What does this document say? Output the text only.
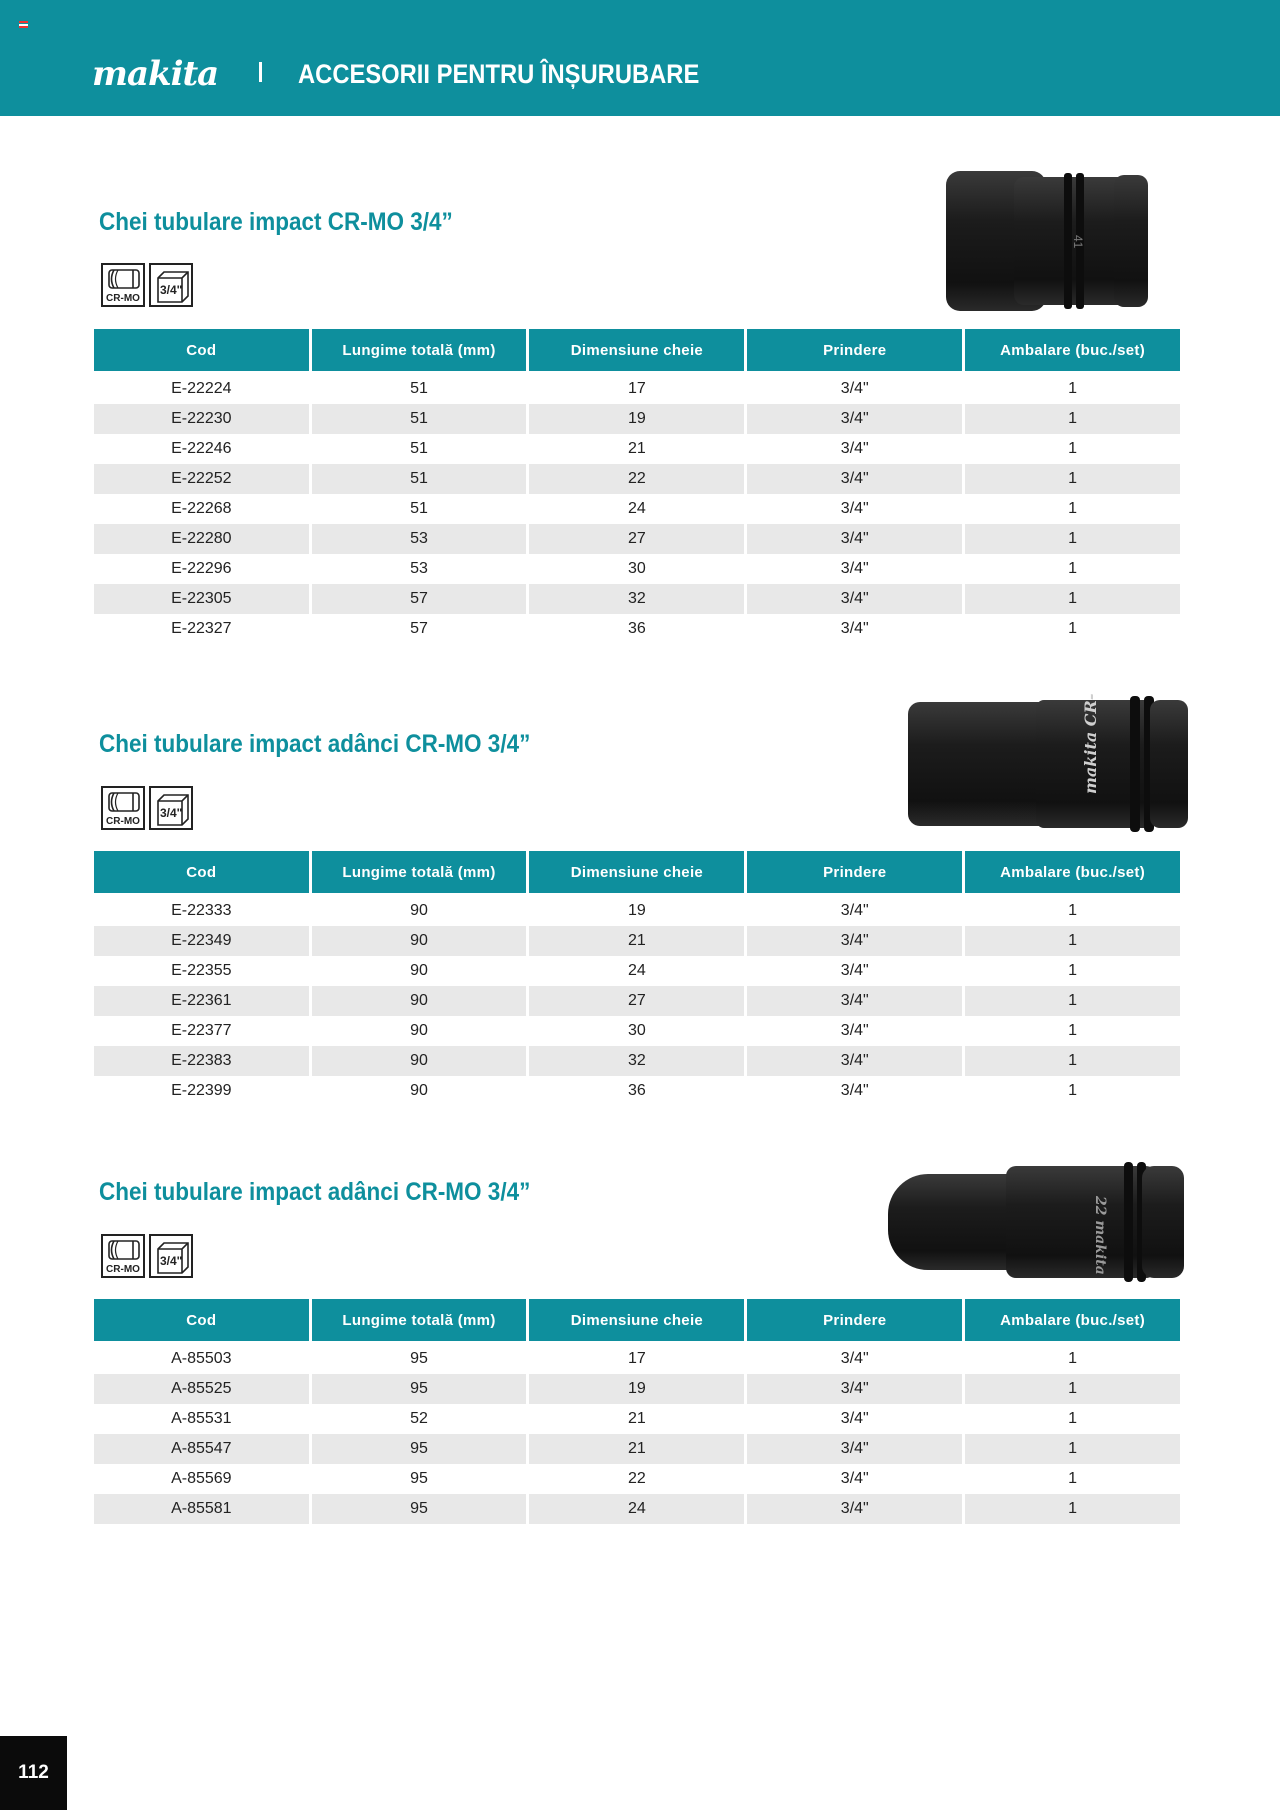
makita	ACCESORII PENTRU ÎNȘURUBARE
Chei tubulare impact CR-MO 3/4”
CR-MO
3/4"
41
Cod	Lungime totală (mm)	Dimensiune cheie	Prindere	Ambalare (buc./set)
E-22224	51	17	3/4"	1
E-22230	51	19	3/4"	1
E-22246	51	21	3/4"	1
E-22252	51	22	3/4"	1
E-22268	51	24	3/4"	1
E-22280	53	27	3/4"	1
E-22296	53	30	3/4"	1
E-22305	57	32	3/4"	1
E-22327	57	36	3/4"	1
Chei tubulare impact adânci CR-MO 3/4”
CR-MO
3/4"
makita CR-MO
Cod	Lungime totală (mm)	Dimensiune cheie	Prindere	Ambalare (buc./set)
E-22333	90	19	3/4"	1
E-22349	90	21	3/4"	1
E-22355	90	24	3/4"	1
E-22361	90	27	3/4"	1
E-22377	90	30	3/4"	1
E-22383	90	32	3/4"	1
E-22399	90	36	3/4"	1
Chei tubulare impact adânci CR-MO 3/4”
CR-MO
3/4"	22 makita
Cod	Lungime totală (mm)	Dimensiune cheie	Prindere	Ambalare (buc./set)
A-85503	95	17	3/4"	1
A-85525	95	19	3/4"	1
A-85531	52	21	3/4"	1
A-85547	95	21	3/4"	1
A-85569	95	22	3/4"	1
A-85581	95	24	3/4"	1
112
